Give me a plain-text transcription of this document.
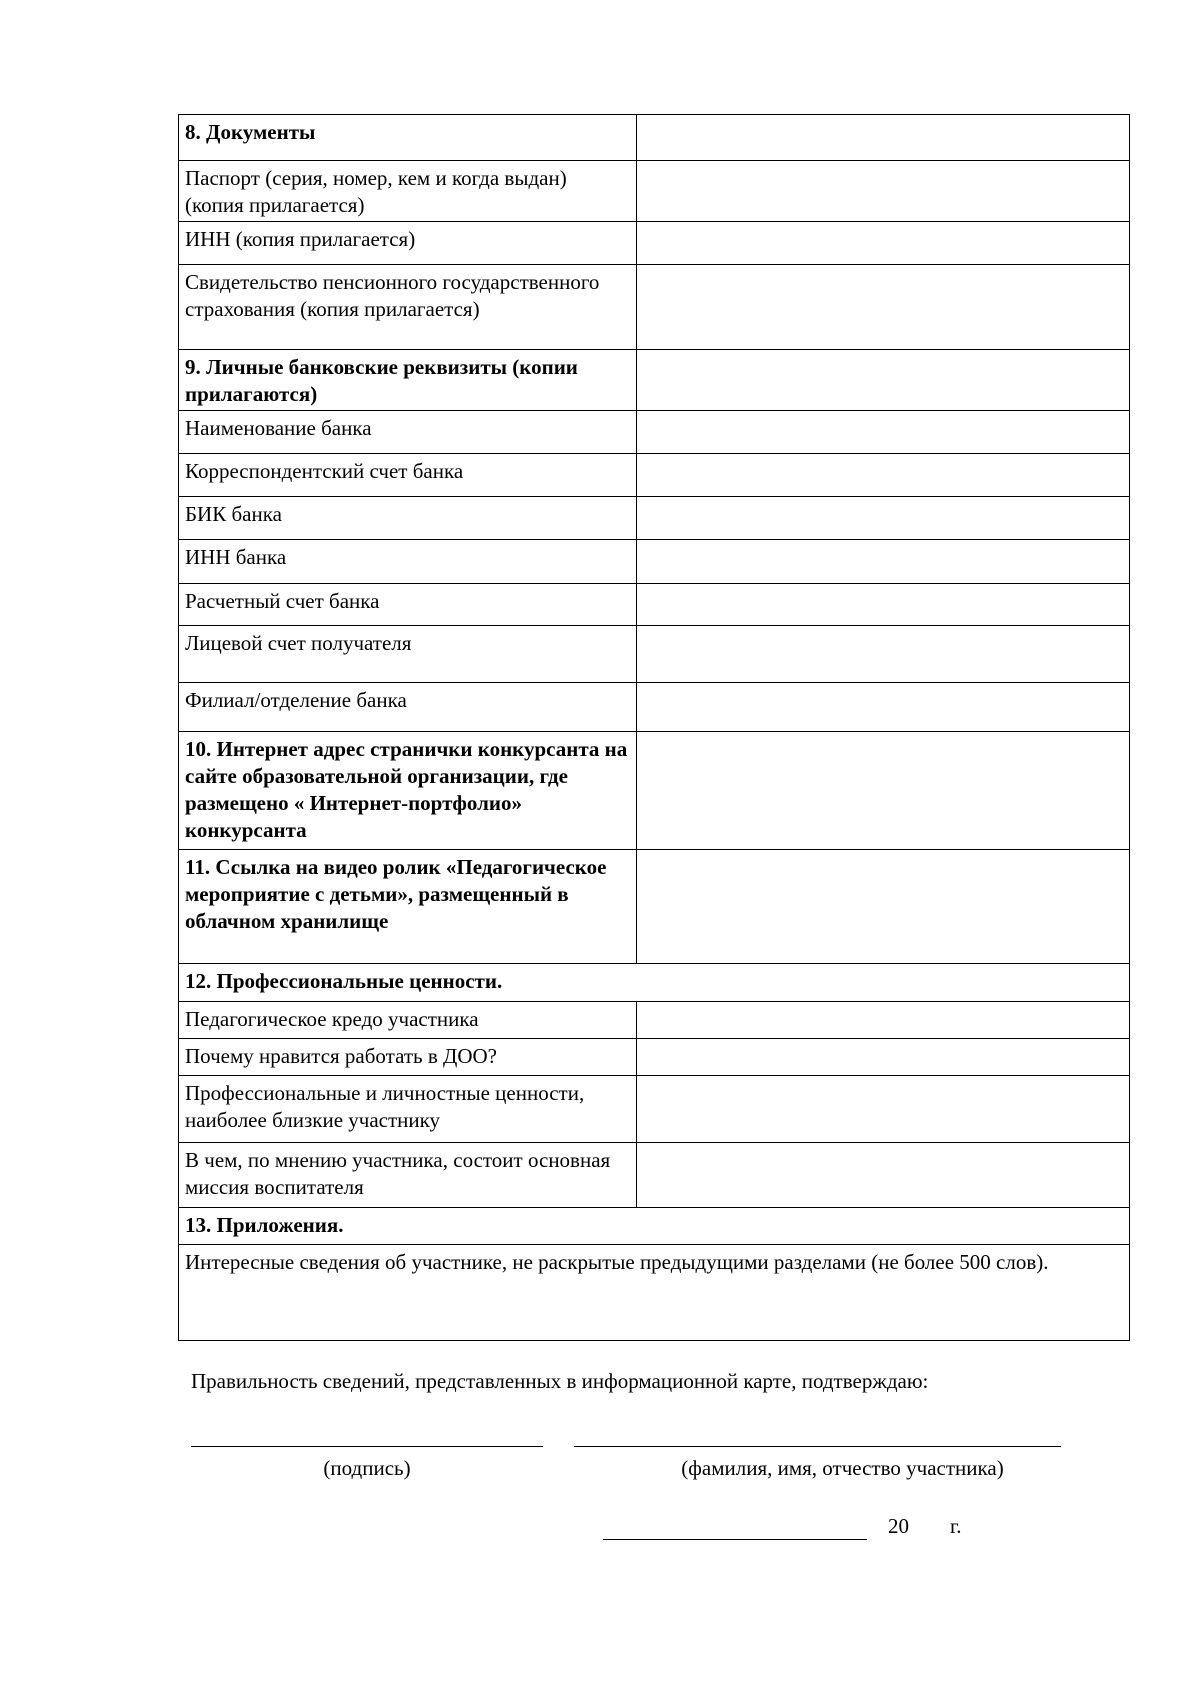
8. Документы	
Паспорт (серия, номер, кем и когда выдан) (копия прилагается)	
ИНН (копия прилагается)	
Свидетельство пенсионного государственного страхования (копия прилагается)	
9. Личные банковские реквизиты (копии прилагаются)	
Наименование банка	
Корреспондентский счет банка	
БИК банка	
ИНН банка	
Расчетный счет банка	
Лицевой счет получателя	
Филиал/отделение банка	
10. Интернет адрес странички конкурсанта на сайте образовательной организации, где размещено « Интернет-портфолио» конкурсанта	
11. Ссылка на видео ролик «Педагогическое мероприятие с детьми», размещенный в облачном хранилище	
12. Профессиональные ценности.	
Педагогическое кредо участника	
Почему нравится работать в ДОО?	
Профессиональные и личностные ценности, наиболее близкие участнику	
В чем, по мнению участника, состоит основная миссия воспитателя	
13. Приложения.	
Интересные сведения об участнике, не раскрытые предыдущими разделами (не более 500 слов).	
Правильность сведений, представленных в информационной карте, подтверждаю:
(подпись)	(фамилия, имя, отчество участника)
20 г.
